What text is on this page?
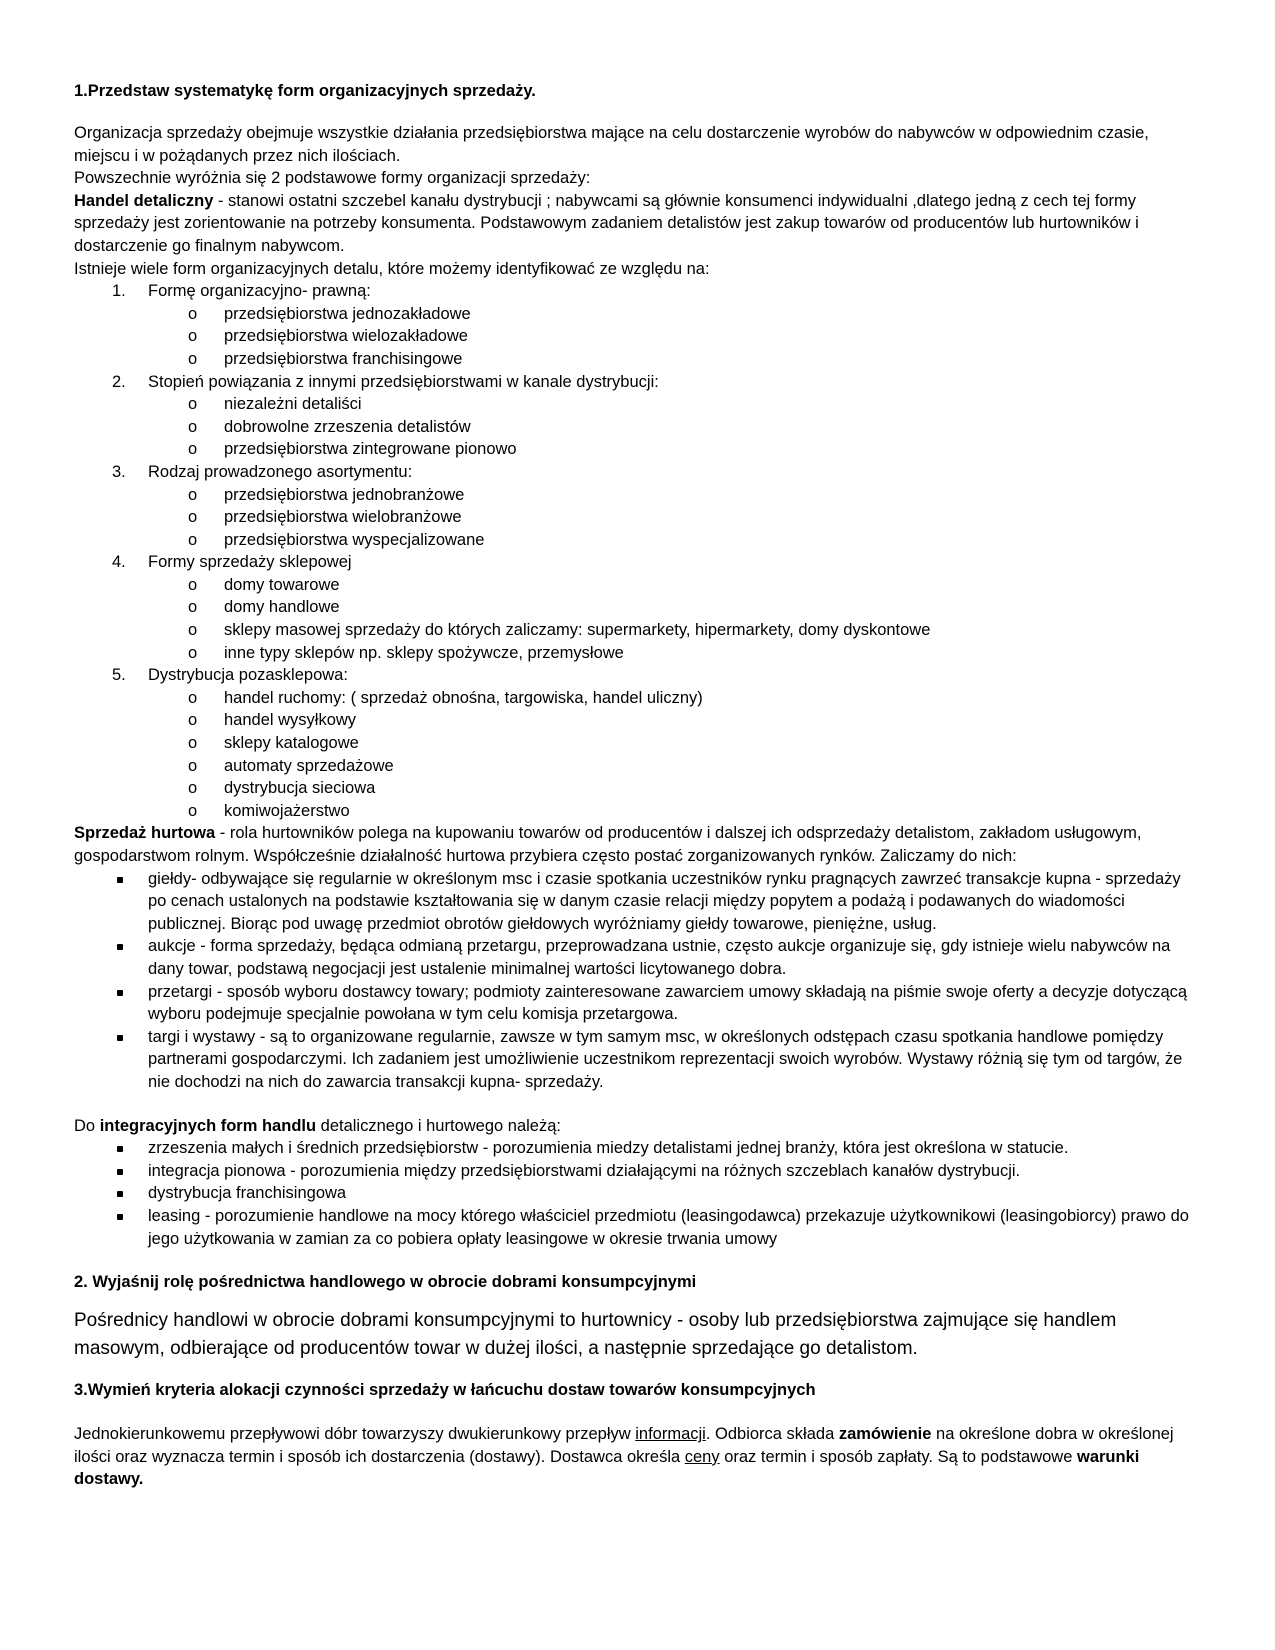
1.Przedstaw systematykę form organizacyjnych sprzedaży.

Organizacja sprzedaży obejmuje wszystkie działania przedsiębiorstwa mające na celu dostarczenie wyrobów do nabywców w odpowiednim czasie, miejscu i w pożądanych przez nich ilościach.

Powszechnie wyróżnia się 2 podstawowe formy organizacji sprzedaży:

Handel detaliczny - stanowi ostatni szczebel kanału dystrybucji ; nabywcami są głównie konsumenci indywidualni ,dlatego jedną z cech tej formy sprzedaży jest zorientowanie na potrzeby konsumenta. Podstawowym zadaniem detalistów jest zakup towarów od producentów lub hurtowników i dostarczenie go finalnym nabywcom.

Istnieje wiele form organizacyjnych detalu, które możemy identyfikować ze względu na:

1. Formę organizacyjno- prawną:
o przedsiębiorstwa jednozakładowe
o przedsiębiorstwa wielozakładowe
o przedsiębiorstwa franchisingowe
2. Stopień powiązania z innymi przedsiębiorstwami w kanale dystrybucji:
o niezależni detaliści
o dobrowolne zrzeszenia detalistów
o przedsiębiorstwa zintegrowane pionowo
3. Rodzaj prowadzonego asortymentu:
o przedsiębiorstwa jednobranżowe
o przedsiębiorstwa wielobranżowe
o przedsiębiorstwa wyspecjalizowane
4. Formy sprzedaży sklepowej
o domy towarowe
o domy handlowe
o sklepy masowej sprzedaży do których zaliczamy: supermarkety, hipermarkety, domy dyskontowe
o inne typy sklepów np. sklepy spożywcze, przemysłowe
5. Dystrybucja pozasklepowa:
o handel ruchomy: ( sprzedaż obnośna, targowiska, handel uliczny)
o handel wysyłkowy
o sklepy katalogowe
o automaty sprzedażowe
o dystrybucja sieciowa
o komiwojażerstwo

Sprzedaż hurtowa - rola hurtowników polega na kupowaniu towarów od producentów i dalszej ich odsprzedaży detalistom, zakładom usługowym, gospodarstwom rolnym. Współcześnie działalność hurtowa przybiera często postać zorganizowanych rynków. Zaliczamy do nich:

giełdy- odbywające się regularnie w określonym msc i czasie spotkania uczestników rynku pragnących zawrzeć transakcje kupna - sprzedaży po cenach ustalonych na podstawie kształtowania się w danym czasie relacji między popytem a podażą i podawanych do wiadomości publicznej. Biorąc pod uwagę przedmiot obrotów giełdowych wyróżniamy giełdy towarowe, pieniężne, usług.
aukcje - forma sprzedaży, będąca odmianą przetargu, przeprowadzana ustnie, często aukcje organizuje się, gdy istnieje wielu nabywców na dany towar, podstawą negocjacji jest ustalenie minimalnej wartości licytowanego dobra.
przetargi - sposób wyboru dostawcy towary; podmioty zainteresowane zawarciem umowy składają na piśmie swoje oferty a decyzje dotyczącą wyboru podejmuje specjalnie powołana w tym celu komisja przetargowa.
targi i wystawy - są to organizowane regularnie, zawsze w tym samym msc, w określonych odstępach czasu spotkania handlowe pomiędzy partnerami gospodarczymi. Ich zadaniem jest umożliwienie uczestnikom reprezentacji swoich wyrobów. Wystawy różnią się tym od targów, że nie dochodzi na nich do zawarcia transakcji kupna- sprzedaży.

Do integracyjnych form handlu detalicznego i hurtowego należą:

zrzeszenia małych i średnich przedsiębiorstw - porozumienia miedzy detalistami jednej branży, która jest określona w statucie.
integracja pionowa - porozumienia między przedsiębiorstwami działającymi na różnych szczeblach kanałów dystrybucji.
dystrybucja franchisingowa
leasing - porozumienie handlowe na mocy którego właściciel przedmiotu (leasingodawca) przekazuje użytkownikowi (leasingobiorcy) prawo do jego użytkowania w zamian za co pobiera opłaty leasingowe w okresie trwania umowy
2. Wyjaśnij rolę pośrednictwa handlowego w obrocie dobrami konsumpcyjnymi

Pośrednicy handlowi w obrocie dobrami konsumpcyjnymi to hurtownicy - osoby lub przedsiębiorstwa zajmujące się handlem masowym, odbierające od producentów towar w dużej ilości, a następnie sprzedające go detalistom.

3.Wymień kryteria alokacji czynności sprzedaży w łańcuchu dostaw towarów konsumpcyjnych

Jednokierunkowemu przepływowi dóbr towarzyszy dwukierunkowy przepływ informacji. Odbiorca składa zamówienie na określone dobra w określonej ilości oraz wyznacza termin i sposób ich dostarczenia (dostawy). Dostawca określa ceny oraz termin i sposób zapłaty. Są to podstawowe warunki dostawy.
